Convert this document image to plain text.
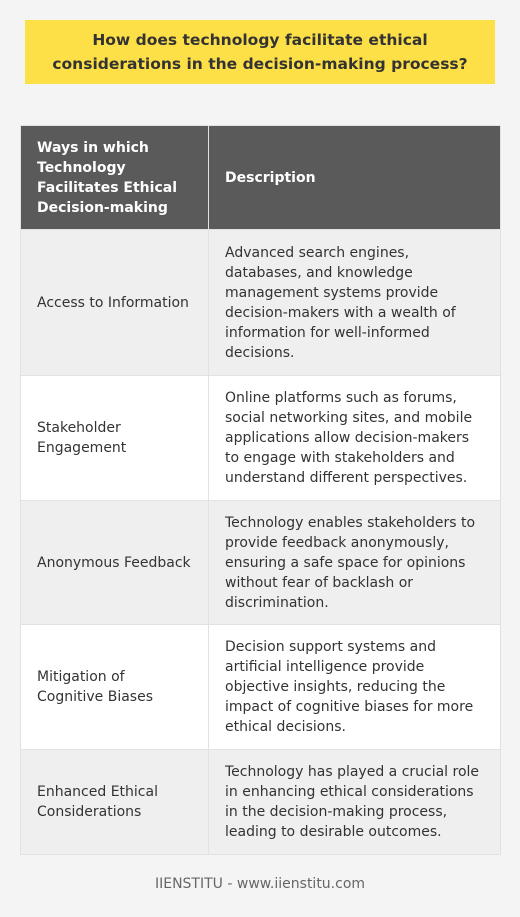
How does technology facilitate ethical considerations in the decision-making process?
Ways in which Technology Facilitates Ethical Decision-making	Description
Access to Information	Advanced search engines, databases, and knowledge management systems provide decision-makers with a wealth of information for well-informed decisions.
Stakeholder Engagement	Online platforms such as forums, social networking sites, and mobile applications allow decision-makers to engage with stakeholders and understand different perspectives.
Anonymous Feedback	Technology enables stakeholders to provide feedback anonymously, ensuring a safe space for opinions without fear of backlash or discrimination.
Mitigation of Cognitive Biases	Decision support systems and artificial intelligence provide objective insights, reducing the impact of cognitive biases for more ethical decisions.
Enhanced Ethical Considerations	Technology has played a crucial role in enhancing ethical considerations in the decision-making process, leading to desirable outcomes.
IIENSTITU - www.iienstitu.com
